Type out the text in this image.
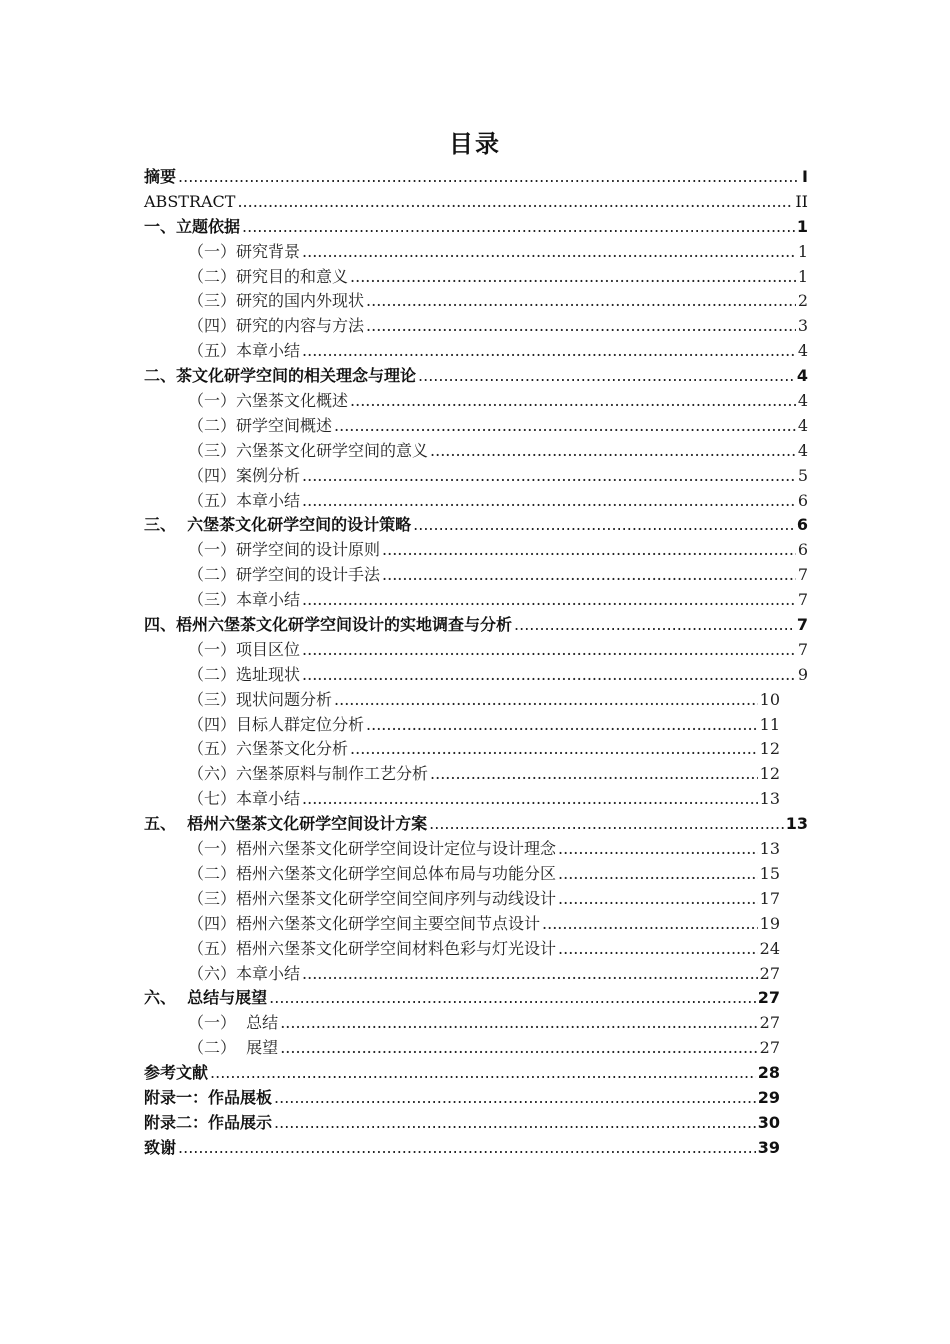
目录
摘要 .....	I
ABSTRACT .....	II
一、立题依据 .....	1
（一）研究背景 .....	1
（二）研究目的和意义 .....	1
（三）研究的国内外现状 .....	2
（四）研究的内容与方法 .....	3
（五）本章小结 .....	4
二、茶文化研学空间的相关理念与理论 .....	4
（一）六堡茶文化概述 .....	4
（二）研学空间概述 .....	4
（三）六堡茶文化研学空间的意义 .....	4
（四）案例分析 .....	5
（五）本章小结 .....	6
三、  六堡茶文化研学空间的设计策略 .....	6
（一）研学空间的设计原则 .....	6
（二）研学空间的设计手法 .....	7
（三）本章小结 .....	7
四、梧州六堡茶文化研学空间设计的实地调查与分析 .....	7
（一）项目区位 .....	7
（二）选址现状 .....	9
（三）现状问题分析 .....	10
（四）目标人群定位分析 .....	11
（五）六堡茶文化分析 .....	12
（六）六堡茶原料与制作工艺分析 .....	12
（七）本章小结 .....	13
五、  梧州六堡茶文化研学空间设计方案 .....	13
（一）梧州六堡茶文化研学空间设计定位与设计理念 .....	13
（二）梧州六堡茶文化研学空间总体布局与功能分区 .....	15
（三）梧州六堡茶文化研学空间空间序列与动线设计 .....	17
（四）梧州六堡茶文化研学空间主要空间节点设计 .....	19
（五）梧州六堡茶文化研学空间材料色彩与灯光设计 .....	24
（六）本章小结 .....	27
六、  总结与展望 .....	27
（一）  总结 .....	27
（二）  展望 .....	27
参考文献 .....	28
附录一：作品展板 .....	29
附录二：作品展示 .....	30
致谢 .....	39
